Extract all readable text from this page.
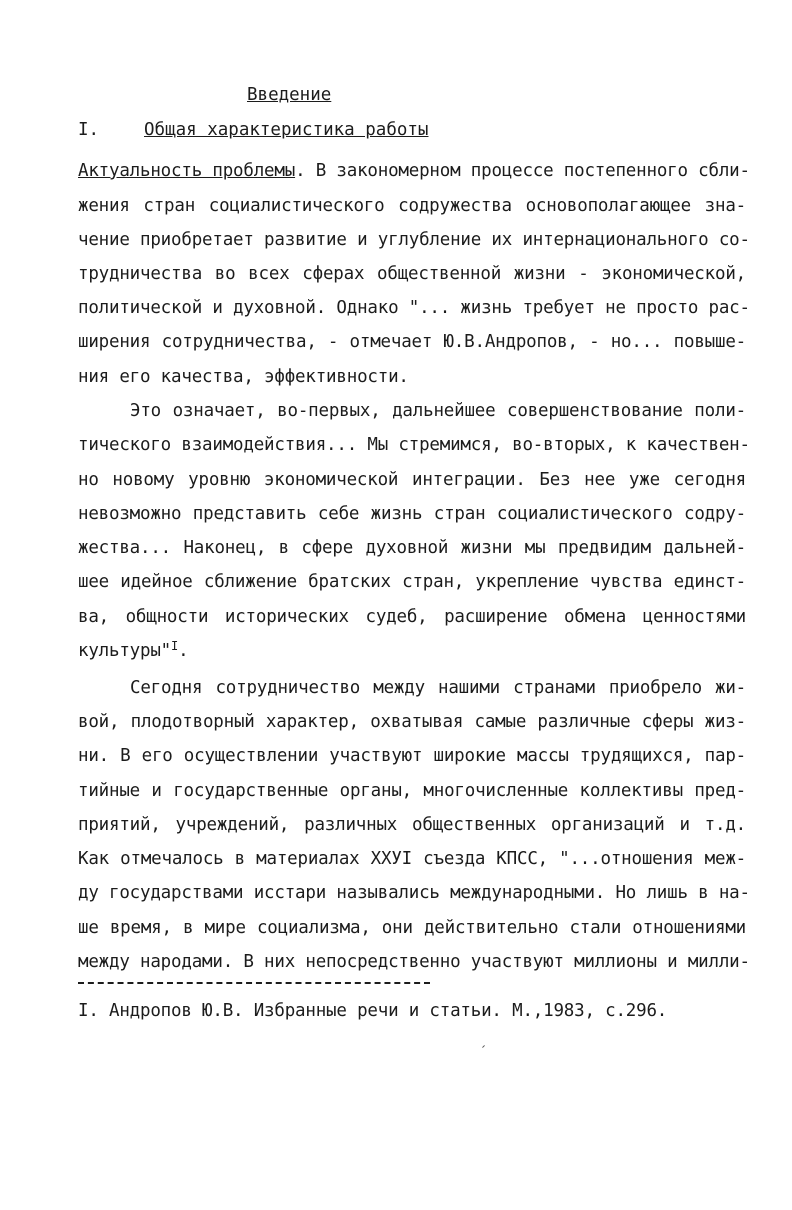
Введение
I.	Общая характеристика работы
Актуальность проблемы. В закономерном процессе постепенного сбли-
жения стран социалистического содружества основополагающее зна-
чение приобретает развитие и углубление их интернационального со-
трудничества во всех сферах общественной жизни - экономической,
политической и духовной. Однако "... жизнь требует не просто рас-
ширения сотрудничества, - отмечает Ю.В.Андропов, - но... повыше-
ния его качества, эффективности.
Это означает, во-первых, дальнейшее совершенствование поли-
тического взаимодействия... Мы стремимся, во-вторых, к качествен-
но новому уровню экономической интеграции. Без нее уже сегодня
невозможно представить себе жизнь стран социалистического содру-
жества... Наконец, в сфере духовной жизни мы предвидим дальней-
шее идейное сближение братских стран, укрепление чувства единст-
ва, общности исторических судеб, расширение обмена ценностями
культуры"$^I$.
Сегодня сотрудничество между нашими странами приобрело жи-
вой, плодотворный характер, охватывая самые различные сферы жиз-
ни. В его осуществлении участвуют широкие массы трудящихся, пар-
тийные и государственные органы, многочисленные коллективы пред-
приятий, учреждений, различных общественных организаций и т.д.
Как отмечалось в материалах XXУI съезда КПСС, "...отношения меж-
ду государствами исстари назывались международными. Но лишь в на-
ше время, в мире социализма, они действительно стали отношениями
между народами. В них непосредственно участвуют миллионы и милли-
I. Андропов Ю.В. Избранные речи и статьи. М.,1983, с.296.
